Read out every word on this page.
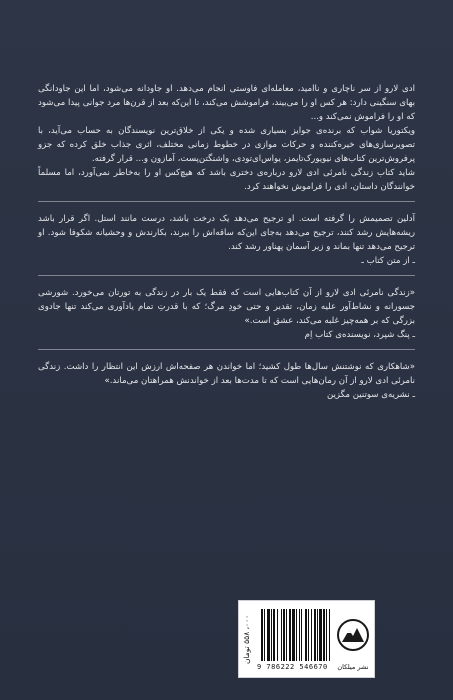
ادی لارو از سر ناچاری و ناامید، معامله‌ای فاوستی انجام می‌دهد. او جاودانه می‌شود، اما این جاودانگی بهای سنگینی دارد: هر کس او را می‌بیند، فراموشش می‌کند، تا این‌که بعد از قرن‌ها مرد جوانی پیدا می‌شود که او را فراموش نمی‌کند و...

ویکتوریا شواب که برنده‌ی جوایز بسیاری شده و یکی از خلاق‌ترین نویسندگان به حساب می‌آید، با تصویرسازی‌های خیره‌کننده و حرکات موازی در خطوط زمانی مختلف، اثری جذاب خلق کرده که جزو پرفروش‌ترین کتاب‌های نیویورک‌تایمز، یواس‌ای‌تودی، واشنگتن‌پست، آمازون و... قرار گرفته.

شاید کتاب زندگی نامرئی ادی لارو درباره‌ی دختری باشد که هیچ‌کس او را به‌خاطر نمی‌آورد، اما مسلماً خوانندگان داستان، ادی را فراموش نخواهند کرد.

آدلین تصمیمش را گرفته است. او ترجیح می‌دهد یک درخت باشد، درست مانند استل. اگر قرار باشد ریشه‌هایش رشد کنند، ترجیح می‌دهد به‌جای این‌که ساقه‌اش را ببرند، بکارندش و وحشیانه شکوفا شود. او ترجیح می‌دهد تنها بماند و زیر آسمان پهناور رشد کند.

ـ از متن کتاب ـ

«زندگی نامرئی ادی لارو از آن کتاب‌هایی است که فقط یک بار در زندگی به تورتان می‌خورد. شورشی جسورانه و نشاط‌آور علیه زمان، تقدیر و حتی خودِ مرگ؛ که با قدرتِ تمام یادآوری می‌کند تنها جادوی بزرگی که بر همه‌چیز غلبه می‌کند، عشق است.»

ـ پنگ شپرد، نویسنده‌ی کتاب اِم

«شاهکاری که نوشتنش سال‌ها طول کشید؛ اما خواندن هر صفحه‌اش ارزش این انتظار را داشت. زندگی نامرئی ادی لارو از آن رمان‌هایی است که تا مدت‌ها بعد از خواندنش همراهتان می‌ماند.»

ـ نشریه‌ی سوتنین مگزین

۰۰۰، ۵۵۸ تومان
9 786222 546670	نشر میلکان
